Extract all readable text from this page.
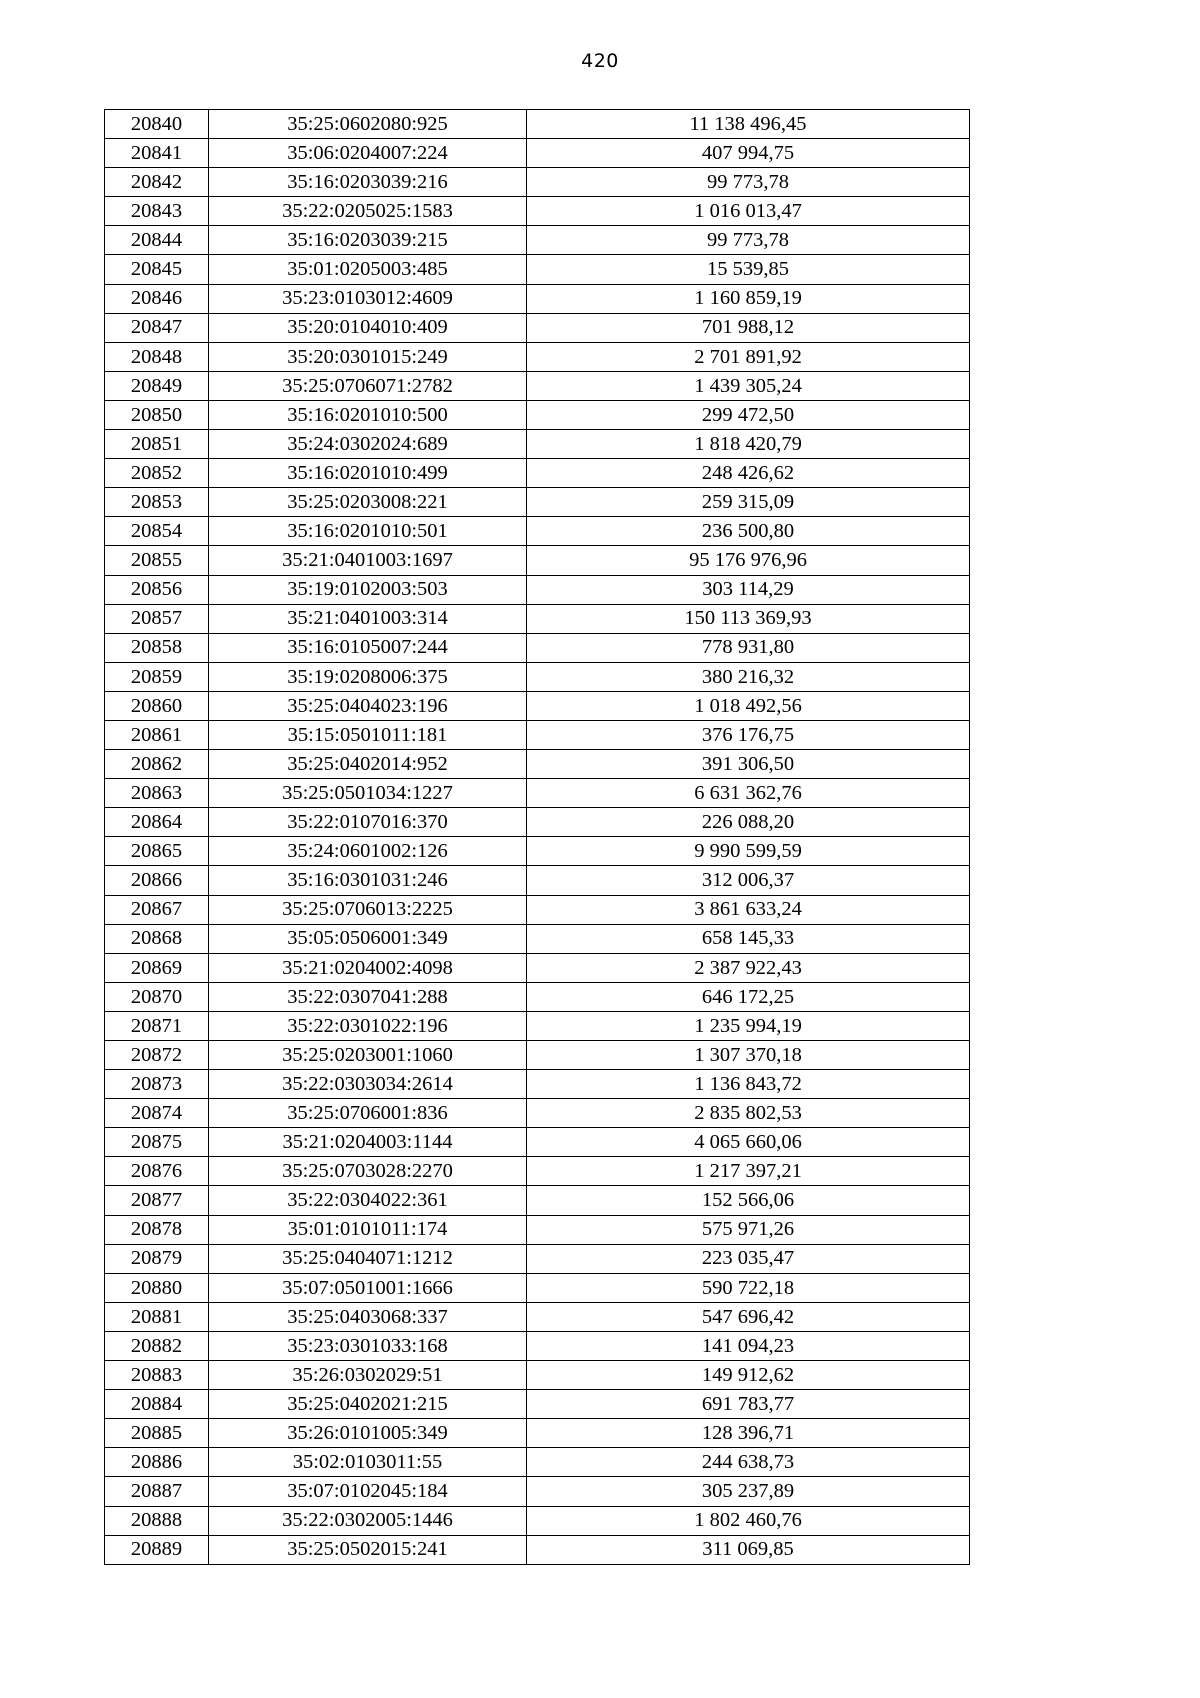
420
20840	35:25:0602080:925	11 138 496,45
20841	35:06:0204007:224	407 994,75
20842	35:16:0203039:216	99 773,78
20843	35:22:0205025:1583	1 016 013,47
20844	35:16:0203039:215	99 773,78
20845	35:01:0205003:485	15 539,85
20846	35:23:0103012:4609	1 160 859,19
20847	35:20:0104010:409	701 988,12
20848	35:20:0301015:249	2 701 891,92
20849	35:25:0706071:2782	1 439 305,24
20850	35:16:0201010:500	299 472,50
20851	35:24:0302024:689	1 818 420,79
20852	35:16:0201010:499	248 426,62
20853	35:25:0203008:221	259 315,09
20854	35:16:0201010:501	236 500,80
20855	35:21:0401003:1697	95 176 976,96
20856	35:19:0102003:503	303 114,29
20857	35:21:0401003:314	150 113 369,93
20858	35:16:0105007:244	778 931,80
20859	35:19:0208006:375	380 216,32
20860	35:25:0404023:196	1 018 492,56
20861	35:15:0501011:181	376 176,75
20862	35:25:0402014:952	391 306,50
20863	35:25:0501034:1227	6 631 362,76
20864	35:22:0107016:370	226 088,20
20865	35:24:0601002:126	9 990 599,59
20866	35:16:0301031:246	312 006,37
20867	35:25:0706013:2225	3 861 633,24
20868	35:05:0506001:349	658 145,33
20869	35:21:0204002:4098	2 387 922,43
20870	35:22:0307041:288	646 172,25
20871	35:22:0301022:196	1 235 994,19
20872	35:25:0203001:1060	1 307 370,18
20873	35:22:0303034:2614	1 136 843,72
20874	35:25:0706001:836	2 835 802,53
20875	35:21:0204003:1144	4 065 660,06
20876	35:25:0703028:2270	1 217 397,21
20877	35:22:0304022:361	152 566,06
20878	35:01:0101011:174	575 971,26
20879	35:25:0404071:1212	223 035,47
20880	35:07:0501001:1666	590 722,18
20881	35:25:0403068:337	547 696,42
20882	35:23:0301033:168	141 094,23
20883	35:26:0302029:51	149 912,62
20884	35:25:0402021:215	691 783,77
20885	35:26:0101005:349	128 396,71
20886	35:02:0103011:55	244 638,73
20887	35:07:0102045:184	305 237,89
20888	35:22:0302005:1446	1 802 460,76
20889	35:25:0502015:241	311 069,85
